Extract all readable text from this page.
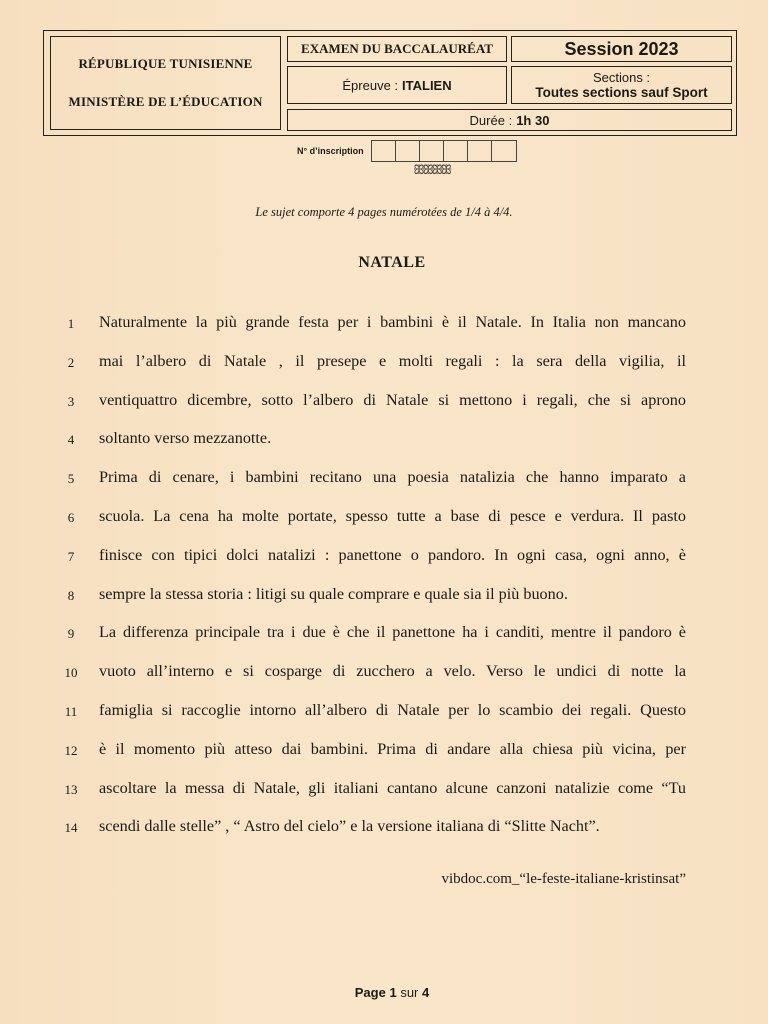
RÉPUBLIQUE TUNISIENNE
MINISTÈRE DE L’ÉDUCATION
EXAMEN DU BACCALAURÉAT	Session 2023
Épreuve : ITALIEN	Sections :
Toutes sections sauf Sport
Durée : 1h 30
N° d’inscription
ꕥꕥꕥꕥ
Le sujet comporte 4 pages numérotées de 1/4 à 4/4.
NATALE
1	Naturalmente la più grande festa per i bambini è il Natale. In Italia non mancano
2	mai l’albero di Natale , il presepe e molti regali : la sera della vigilia, il
3	ventiquattro dicembre, sotto l’albero di Natale si mettono i regali, che si aprono
4	soltanto verso mezzanotte.
5	Prima di cenare, i bambini recitano una poesia natalizia che hanno imparato a
6	scuola. La cena ha molte portate, spesso tutte a base di pesce e verdura. Il pasto
7	finisce con tipici dolci natalizi : panettone o pandoro. In ogni casa, ogni anno, è
8	sempre la stessa storia : litigi su quale comprare e quale sia il più buono.
9	La differenza principale tra i due è che il panettone ha i canditi, mentre il pandoro è
10	vuoto all’interno e si cosparge di zucchero a velo. Verso le undici di notte la
11	famiglia si raccoglie intorno all’albero di Natale per lo scambio dei regali. Questo
12	è il momento più atteso dai bambini. Prima di andare alla chiesa più vicina, per
13	ascoltare la messa di Natale, gli italiani cantano alcune canzoni natalizie come “Tu
14	scendi dalle stelle” , “ Astro del cielo” e la versione italiana di “Slitte Nacht”.
vibdoc.com_“le-feste-italiane-kristinsat”
Page 1 sur 4
